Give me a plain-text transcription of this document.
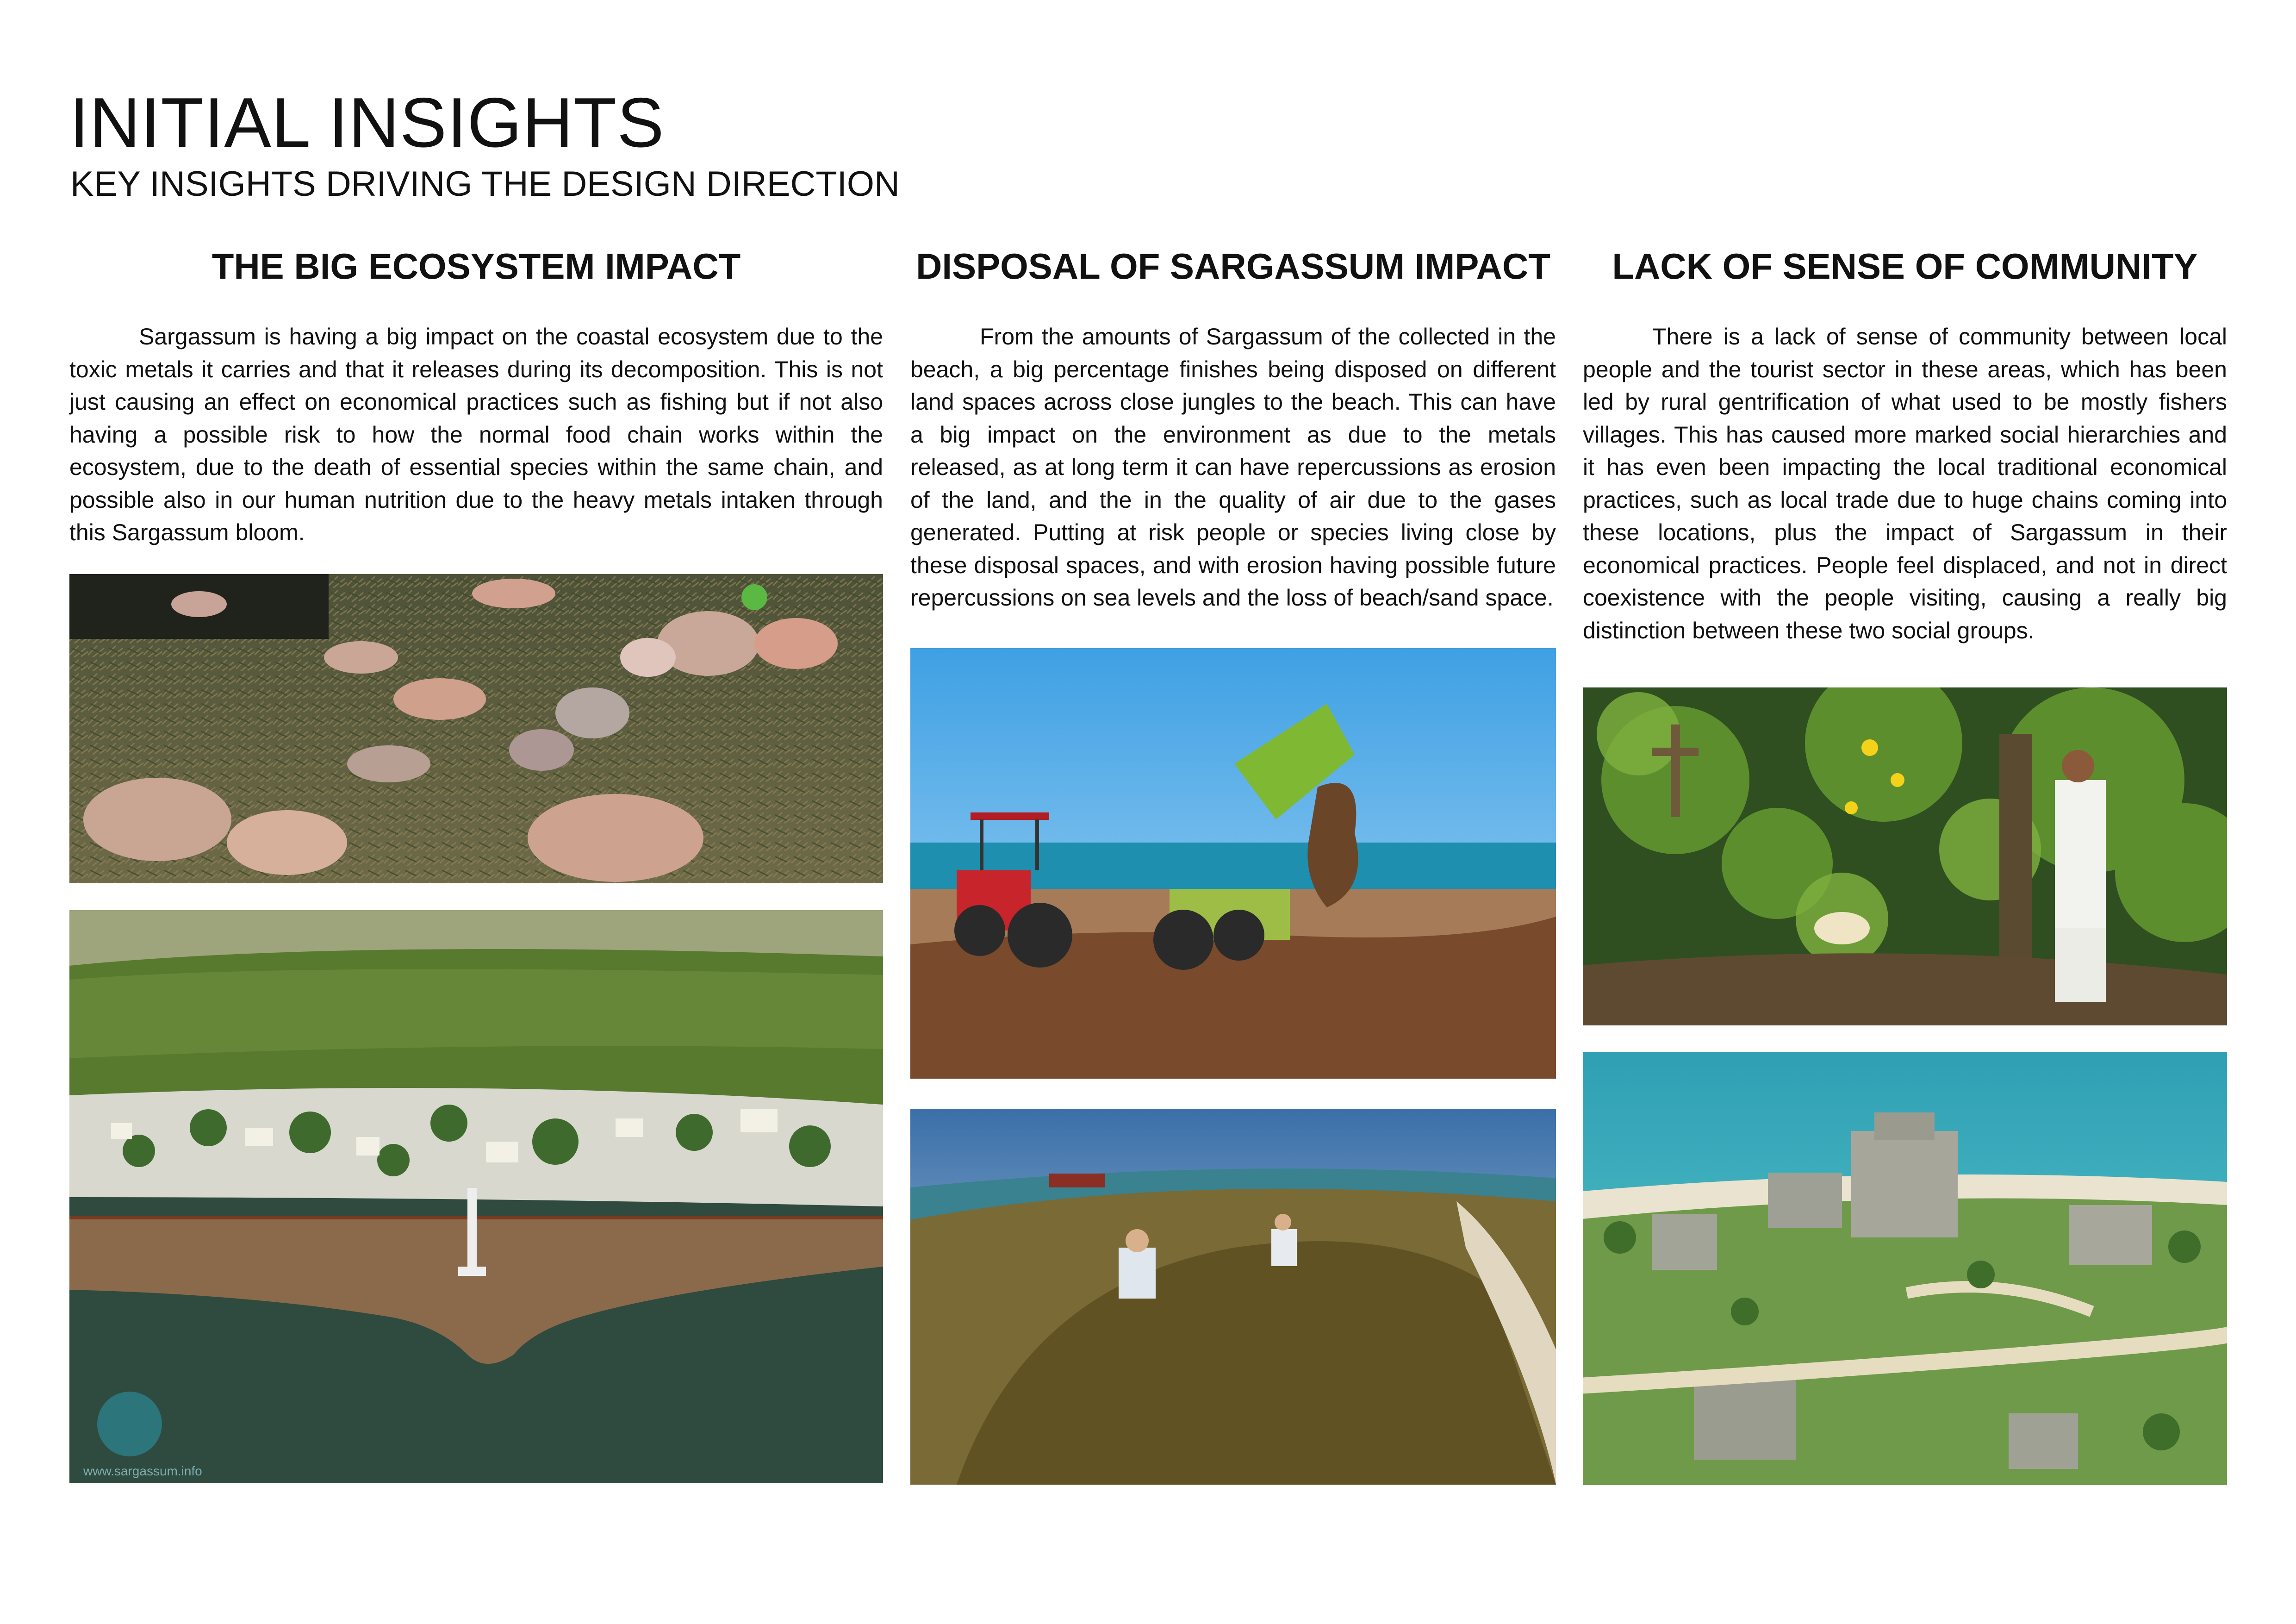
INITIAL INSIGHTS
KEY INSIGHTS DRIVING THE DESIGN DIRECTION
THE BIG ECOSYSTEM IMPACT

Sargassum is having a big impact on the coastal ecosystem due to the toxic metals it carries and that it releases during its decomposition. This is not just causing an effect on economical practices such as fishing but if not also having a possible risk to how the normal food chain works within the ecosystem, due to the death of essential species within the same chain, and possible also in our human nutrition due to the heavy metals intaken through this Sargassum bloom.

www.sargassum.info
DISPOSAL OF SARGASSUM IMPACT

From the amounts of Sargassum of the collected in the beach, a big percentage finishes being disposed on different land spaces across close jungles to the beach. This can have a big impact on the environment as due to the metals released, as at long term it can have repercussions as erosion of the land, and the in the quality of air due to the gases generated. Putting at risk people or species living close by these disposal spaces, and with erosion having possible future repercussions on sea levels and the loss of beach/sand space.

LACK OF SENSE OF COMMUNITY

There is a lack of sense of community between local people and the tourist sector in these areas, which has been led by rural gentrification of what used to be mostly fishers villages. This has caused more marked social hierarchies and it has even been impacting the local traditional economical practices, such as local trade due to huge chains coming into these locations, plus the impact of Sargassum in their economical practices. People feel displaced, and not in direct coexistence with the people visiting, causing a really big distinction between these two social groups.
